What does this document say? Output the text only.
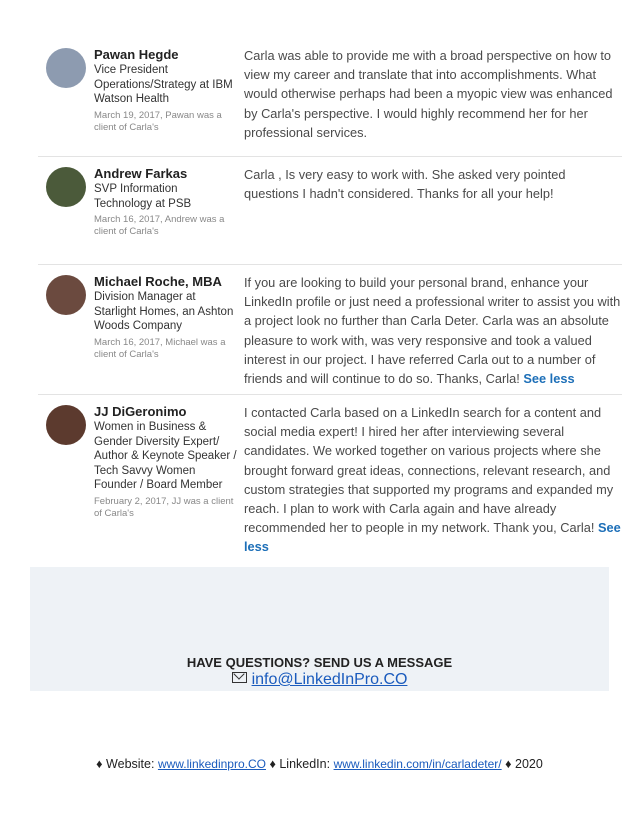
Pawan Hegde
Vice President Operations/Strategy at IBM Watson Health
March 19, 2017, Pawan was a client of Carla's
Carla was able to provide me with a broad perspective on how to view my career and translate that into accomplishments. What would otherwise perhaps had been a myopic view was enhanced by Carla's perspective. I would highly recommend her for her professional services.
Andrew Farkas
SVP Information Technology at PSB
March 16, 2017, Andrew was a client of Carla's
Carla , Is very easy to work with. She asked very pointed questions I hadn't considered. Thanks for all your help!
Michael Roche, MBA
Division Manager at Starlight Homes, an Ashton Woods Company
March 16, 2017, Michael was a client of Carla's
If you are looking to build your personal brand, enhance your LinkedIn profile or just need a professional writer to assist you with a project look no further than Carla Deter. Carla was an absolute pleasure to work with, was very responsive and took a valued interest in our project. I have referred Carla out to a number of friends and will continue to do so. Thanks, Carla! See less
JJ DiGeronimo
Women in Business & Gender Diversity Expert/ Author & Keynote Speaker / Tech Savvy Women Founder / Board Member
February 2, 2017, JJ was a client of Carla's
I contacted Carla based on a LinkedIn search for a content and social media expert! I hired her after interviewing several candidates. We worked together on various projects where she brought forward great ideas, connections, relevant research, and custom strategies that supported my programs and expanded my reach. I plan to work with Carla again and have already recommended her to people in my network. Thank you, Carla! See less
HAVE QUESTIONS? SEND US A MESSAGE
info@LinkedInPro.CO
♦ Website: www.linkedinpro.CO ♦ LinkedIn: www.linkedin.com/in/carladeter/ ♦ 2020
